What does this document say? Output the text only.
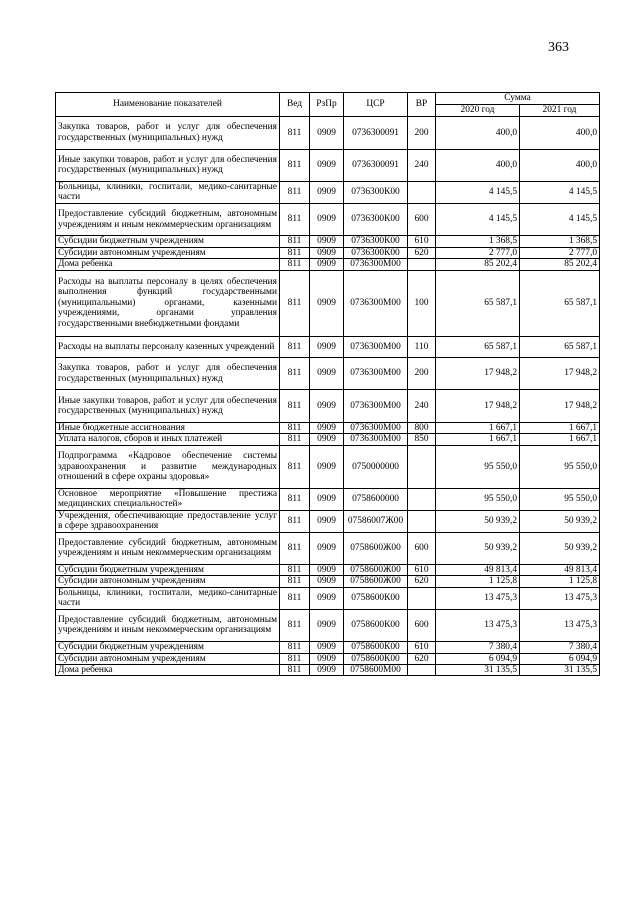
363
Наименование показателей	Вед	РзПр	ЦСР	ВР	Сумма	
					2020 год	2021 год
Закупка товаров, работ и услуг для обеспечения государственных (муниципальных) нужд	811	0909	0736300091	200	400,0	400,0
Иные закупки товаров, работ и услуг для обеспечения государственных (муниципальных) нужд	811	0909	0736300091	240	400,0	400,0
Больницы, клиники, госпитали, медико-санитарные части	811	0909	0736300К00		4 145,5	4 145,5
Предоставление субсидий бюджетным, автономным учреждениям и иным некоммерческим организациям	811	0909	0736300К00	600	4 145,5	4 145,5
Субсидии бюджетным учреждениям	811	0909	0736300К00	610	1 368,5	1 368,5
Субсидии автономным учреждениям	811	0909	0736300К00	620	2 777,0	2 777,0
Дома ребенка	811	0909	0736300М00		85 202,4	85 202,4
Расходы на выплаты персоналу в целях обеспечения выполнения функций государственными (муниципальными) органами, казенными учреждениями, органами управления государственными внебюджетными фондами	811	0909	0736300М00	100	65 587,1	65 587,1
Расходы на выплаты персоналу казенных учреждений	811	0909	0736300М00	110	65 587,1	65 587,1
Закупка товаров, работ и услуг для обеспечения государственных (муниципальных) нужд	811	0909	0736300М00	200	17 948,2	17 948,2
Иные закупки товаров, работ и услуг для обеспечения государственных (муниципальных) нужд	811	0909	0736300М00	240	17 948,2	17 948,2
Иные бюджетные ассигнования	811	0909	0736300М00	800	1 667,1	1 667,1
Уплата налогов, сборов и иных платежей	811	0909	0736300М00	850	1 667,1	1 667,1
Подпрограмма «Кадровое обеспечение системы здравоохранения и развитие международных отношений в сфере охраны здоровья»	811	0909	0750000000		95 550,0	95 550,0
Основное мероприятие «Повышение престижа медицинских специальностей»	811	0909	0758600000		95 550,0	95 550,0
Учреждения, обеспечивающие предоставление услуг в сфере здравоохранения	811	0909	07586007Ж00		50 939,2	50 939,2
Предоставление субсидий бюджетным, автономным учреждениям и иным некоммерческим организациям	811	0909	0758600Ж00	600	50 939,2	50 939,2
Субсидии бюджетным учреждениям	811	0909	0758600Ж00	610	49 813,4	49 813,4
Субсидии автономным учреждениям	811	0909	0758600Ж00	620	1 125,8	1 125,8
Больницы, клиники, госпитали, медико-санитарные части	811	0909	0758600К00		13 475,3	13 475,3
Предоставление субсидий бюджетным, автономным учреждениям и иным некоммерческим организациям	811	0909	0758600К00	600	13 475,3	13 475,3
Субсидии бюджетным учреждениям	811	0909	0758600К00	610	7 380,4	7 380,4
Субсидии автономным учреждениям	811	0909	0758600К00	620	6 094,9	6 094,9
Дома ребенка	811	0909	0758600М00		31 135,5	31 135,5
